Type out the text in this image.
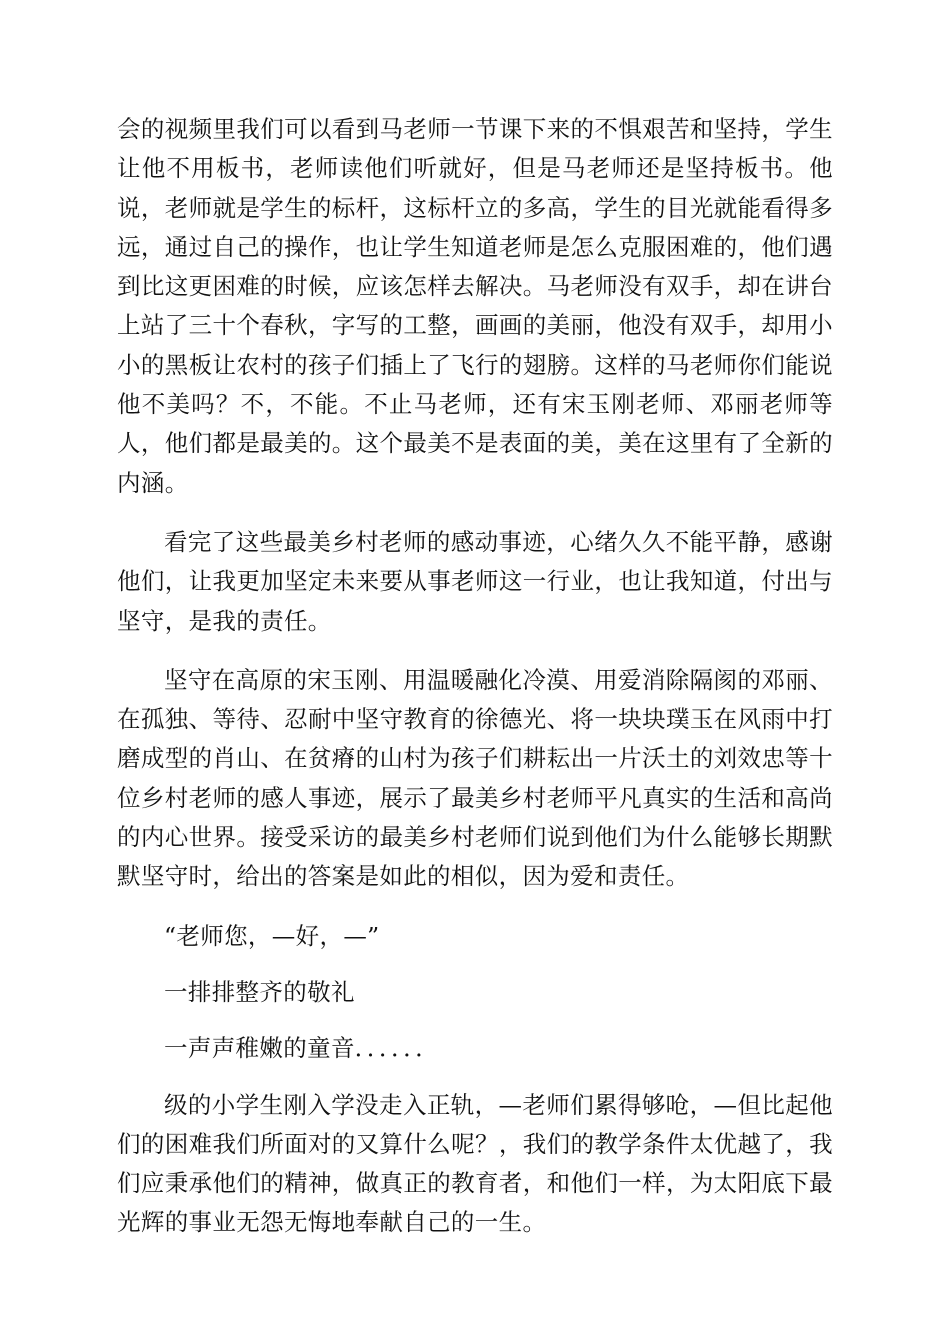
会的视频里我们可以看到马老师一节课下来的不惧艰苦和坚持，学生让他不用板书，老师读他们听就好，但是马老师还是坚持板书。他说，老师就是学生的标杆，这标杆立的多高，学生的目光就能看得多远，通过自己的操作，也让学生知道老师是怎么克服困难的，他们遇到比这更困难的时候，应该怎样去解决。马老师没有双手，却在讲台上站了三十个春秋，字写的工整，画画的美丽，他没有双手，却用小小的黑板让农村的孩子们插上了飞行的翅膀。这样的马老师你们能说他不美吗？不，不能。不止马老师，还有宋玉刚老师、邓丽老师等人，他们都是最美的。这个最美不是表面的美，美在这里有了全新的内涵。

看完了这些最美乡村老师的感动事迹，心绪久久不能平静，感谢他们，让我更加坚定未来要从事老师这一行业，也让我知道，付出与坚守，是我的责任。

坚守在高原的宋玉刚、用温暖融化冷漠、用爱消除隔阂的邓丽、在孤独、等待、忍耐中坚守教育的徐德光、将一块块璞玉在风雨中打磨成型的肖山、在贫瘠的山村为孩子们耕耘出一片沃土的刘效忠等十位乡村老师的感人事迹，展示了最美乡村老师平凡真实的生活和高尚的内心世界。接受采访的最美乡村老师们说到他们为什么能够长期默默坚守时，给出的答案是如此的相似，因为爱和责任。

“老师您，—好，—”

一排排整齐的敬礼

一声声稚嫩的童音．．．．．．

级的小学生刚入学没走入正轨，—老师们累得够呛，—但比起他们的困难我们所面对的又算什么呢？，我们的教学条件太优越了，我们应秉承他们的精神，做真正的教育者，和他们一样，为太阳底下最光辉的事业无怨无悔地奉献自己的一生。
